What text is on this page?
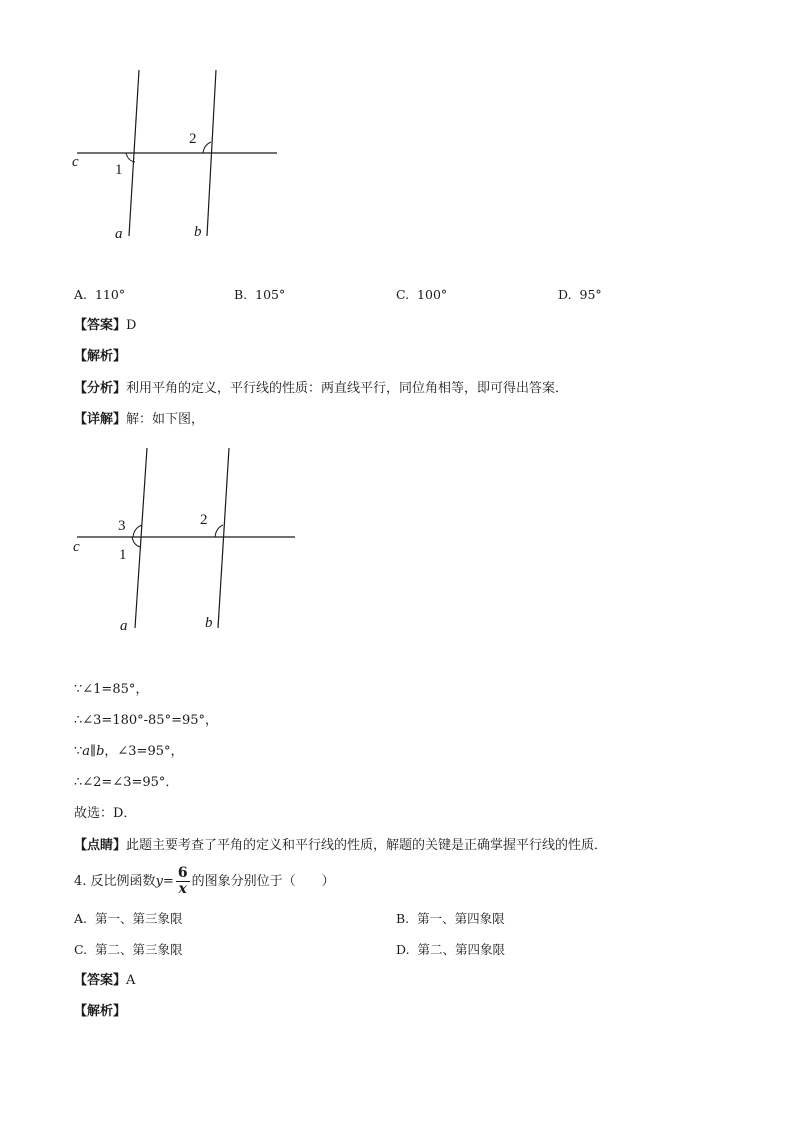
c 1
2
a	b
A. 110°	B. 105°	C. 100°	D. 95°
【答案】D
【解析】
【分析】利用平角的定义，平行线的性质：两直线平行，同位角相等，即可得出答案．
【详解】解：如下图，
c
3
1
2
a	b
∵∠1=85°，
∴∠3=180°-85°=95°，
∵a∥b，∠3=95°，
∴∠2=∠3=95°．
故选：D．
【点睛】此题主要考查了平角的定义和平行线的性质，解题的关键是正确掌握平行线的性质．
4. 反比例函数$y= \frac{6}{x}$ 的图象分别位于（　　）
A. 第一、第三象限	B. 第一、第四象限
C. 第二、第三象限	D. 第二、第四象限
【答案】A
【解析】
